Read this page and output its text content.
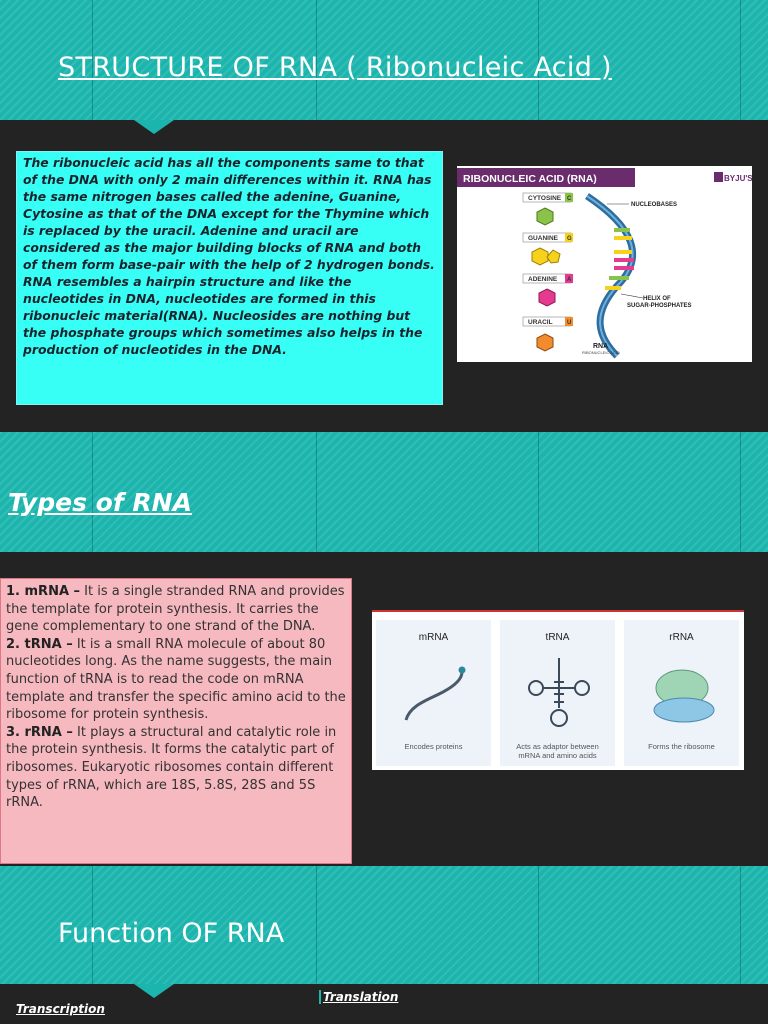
STRUCTURE OF RNA ( Ribonucleic Acid )

The ribonucleic acid has all the components same to that of the DNA with only 2 main differences within it. RNA has the same nitrogen bases called the adenine, Guanine, Cytosine as that of the DNA except for the Thymine which is replaced by the uracil. Adenine and uracil are considered as the major building blocks of RNA and both of them form base-pair with the help of 2 hydrogen bonds.

RNA resembles a hairpin structure and like the nucleotides in DNA, nucleotides are formed in this ribonucleic material(RNA). Nucleosides are nothing but the phosphate groups which sometimes also helps in the production of nucleotides in the DNA.

RIBONUCLEIC ACID (RNA)	BYJU'S
CYTOSINE C
GUANINE G
ADENINE A
URACIL U
NUCLEOBASES
HELIX OF
SUGAR-PHOSPHATES
RNA
RIBONUCLEIC ACID
Types of RNA

1. mRNA – It is a single stranded RNA and provides the template for protein synthesis. It carries the gene complementary to one strand of the DNA.

2. tRNA – It is a small RNA molecule of about 80 nucleotides long. As the name suggests, the main function of tRNA is to read the code on mRNA template and transfer the specific amino acid to the ribosome for protein synthesis.

3. rRNA – It plays a structural and catalytic role in the protein synthesis. It forms the catalytic part of ribosomes. Eukaryotic ribosomes contain different types of rRNA, which are 18S, 5.8S, 28S and 5S rRNA.

mRNA
Encodes proteins
tRNA
Acts as adaptor between
mRNA and amino acids
rRNA
Forms the ribosome
Function OF RNA
Transcription
Translation
